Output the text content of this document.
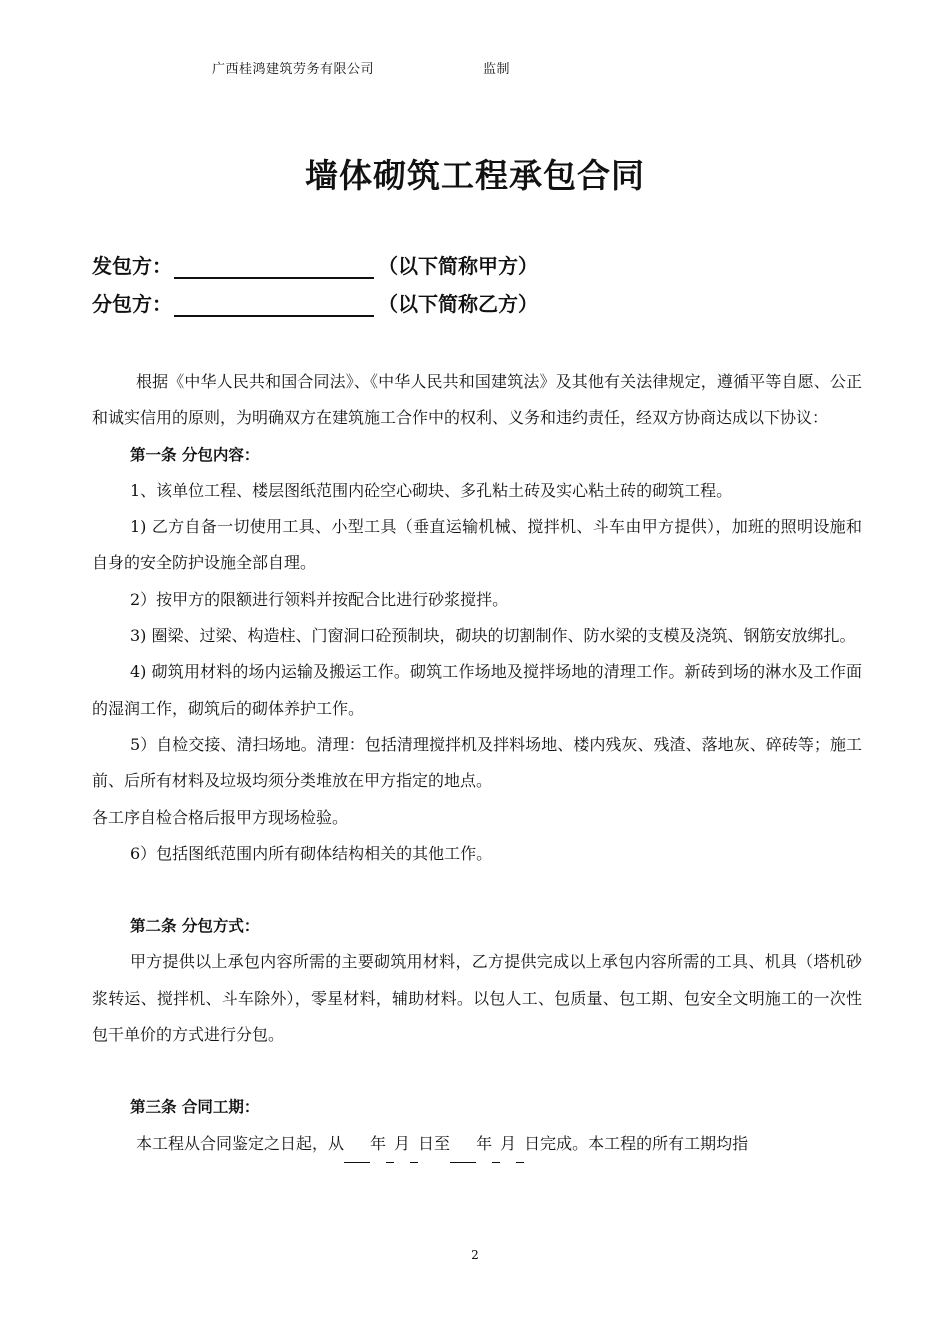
广西桂鸿建筑劳务有限公司	监制
墙体砌筑工程承包合同
发包方：	（以下简称甲方）
分包方：	（以下简称乙方）

根据《中华人民共和国合同法》、《中华人民共和国建筑法》及其他有关法律规定，遵循平等自愿、公正和诚实信用的原则，为明确双方在建筑施工合作中的权利、义务和违约责任，经双方协商达成以下协议：

第一条 分包内容：

1、该单位工程、楼层图纸范围内砼空心砌块、多孔粘土砖及实心粘土砖的砌筑工程。

1) 乙方自备一切使用工具、小型工具（垂直运输机械、搅拌机、斗车由甲方提供），加班的照明设施和自身的安全防护设施全部自理。

2）按甲方的限额进行领料并按配合比进行砂浆搅拌。

3) 圈梁、过梁、构造柱、门窗洞口砼预制块，砌块的切割制作、防水梁的支模及浇筑、钢筋安放绑扎。

4) 砌筑用材料的场内运输及搬运工作。砌筑工作场地及搅拌场地的清理工作。新砖到场的淋水及工作面的湿润工作，砌筑后的砌体养护工作。

5）自检交接、清扫场地。清理：包括清理搅拌机及拌料场地、楼内残灰、残渣、落地灰、碎砖等；施工前、后所有材料及垃圾均须分类堆放在甲方指定的地点。

各工序自检合格后报甲方现场检验。

6）包括图纸范围内所有砌体结构相关的其他工作。

第二条 分包方式：

甲方提供以上承包内容所需的主要砌筑用材料，乙方提供完成以上承包内容所需的工具、机具（塔机砂浆转运、搅拌机、斗车除外），零星材料，辅助材料。以包人工、包质量、包工期、包安全文明施工的一次性包干单价的方式进行分包。

第三条 合同工期：

本工程从合同鉴定之日起，从 年 月 日至 年 月 日完成。本工程的所有工期均指

2
